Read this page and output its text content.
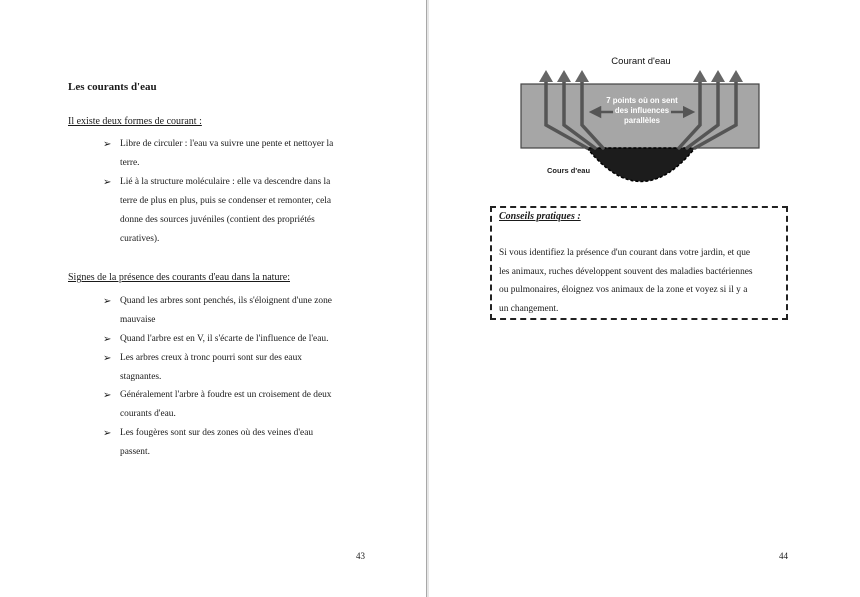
Les courants d'eau
Il existe deux formes de courant :
➢ Libre de circuler : l'eau va suivre une pente et nettoyer la
terre.
➢ Lié à la structure moléculaire : elle va descendre dans la
terre de plus en plus, puis se condenser et remonter, cela
donne des sources juvéniles (contient des propriétés
curatives).
Signes de la présence des courants d'eau dans la nature:
➢ Quand les arbres sont penchés, ils s'éloignent d'une zone
mauvaise
➢ Quand l'arbre est en V, il s'écarte de l'influence de l'eau.
➢ Les arbres creux à tronc pourri sont sur des eaux
stagnantes.
➢ Généralement l'arbre à foudre est un croisement de deux
courants d'eau.
➢ Les fougères sont sur des zones où des veines d'eau
passent.
43
Courant d'eau
7 points où on sent
des influences
parallèles
Cours d'eau
Conseils pratiques :
Si vous identifiez la présence d'un courant dans votre jardin, et que
les animaux, ruches développent souvent des maladies bactériennes
ou pulmonaires, éloignez vos animaux de la zone et voyez si il y a
un changement.
44
